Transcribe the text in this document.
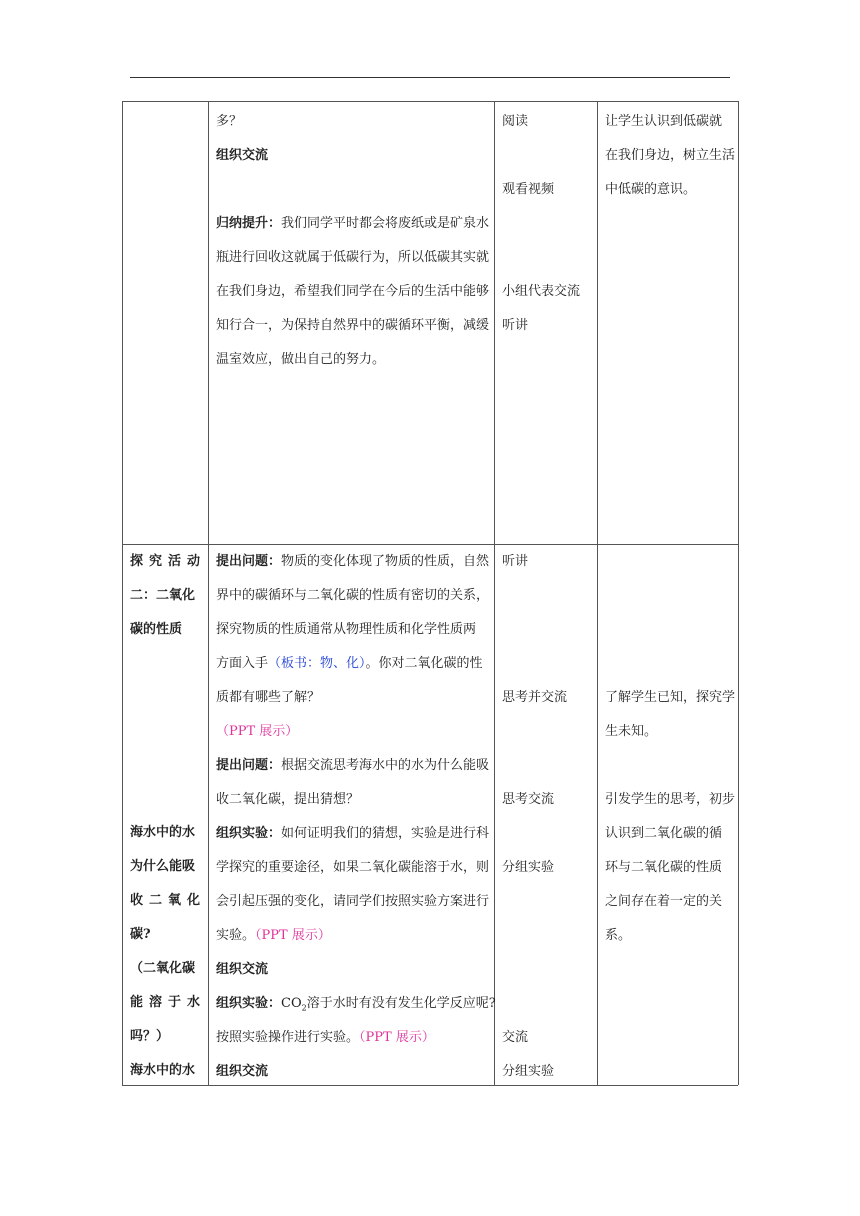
多？
组织交流
归纳提升：我们同学平时都会将废纸或是矿泉水
瓶进行回收这就属于低碳行为，所以低碳其实就
在我们身边，希望我们同学在今后的生活中能够
知行合一，为保持自然界中的碳循环平衡，减缓
温室效应，做出自己的努力。
阅读
观看视频
小组代表交流
听讲
让学生认识到低碳就
在我们身边，树立生活
中低碳的意识。
探 究 活 动
二：二氧化
碳的性质
海水中的水
为什么能吸
收 二 氧 化
碳?
（二氧化碳
能 溶 于 水
吗？）
海水中的水
提出问题：物质的变化体现了物质的性质，自然
界中的碳循环与二氧化碳的性质有密切的关系，
探究物质的性质通常从物理性质和化学性质两
方面入手（板书：物、化）。你对二氧化碳的性
质都有哪些了解？
（PPT 展示）
提出问题：根据交流思考海水中的水为什么能吸
收二氧化碳，提出猜想？
组织实验：如何证明我们的猜想，实验是进行科
学探究的重要途径，如果二氧化碳能溶于水，则
会引起压强的变化，请同学们按照实验方案进行
实验。（PPT 展示）
组织交流
组织实验：$CO_2$溶于水时有没有发生化学反应呢?
按照实验操作进行实验。（PPT 展示）
组织交流
听讲
思考并交流
思考交流
分组实验
交流
分组实验
了解学生已知，探究学
生未知。
引发学生的思考，初步
认识到二氧化碳的循
环与二氧化碳的性质
之间存在着一定的关
系。
